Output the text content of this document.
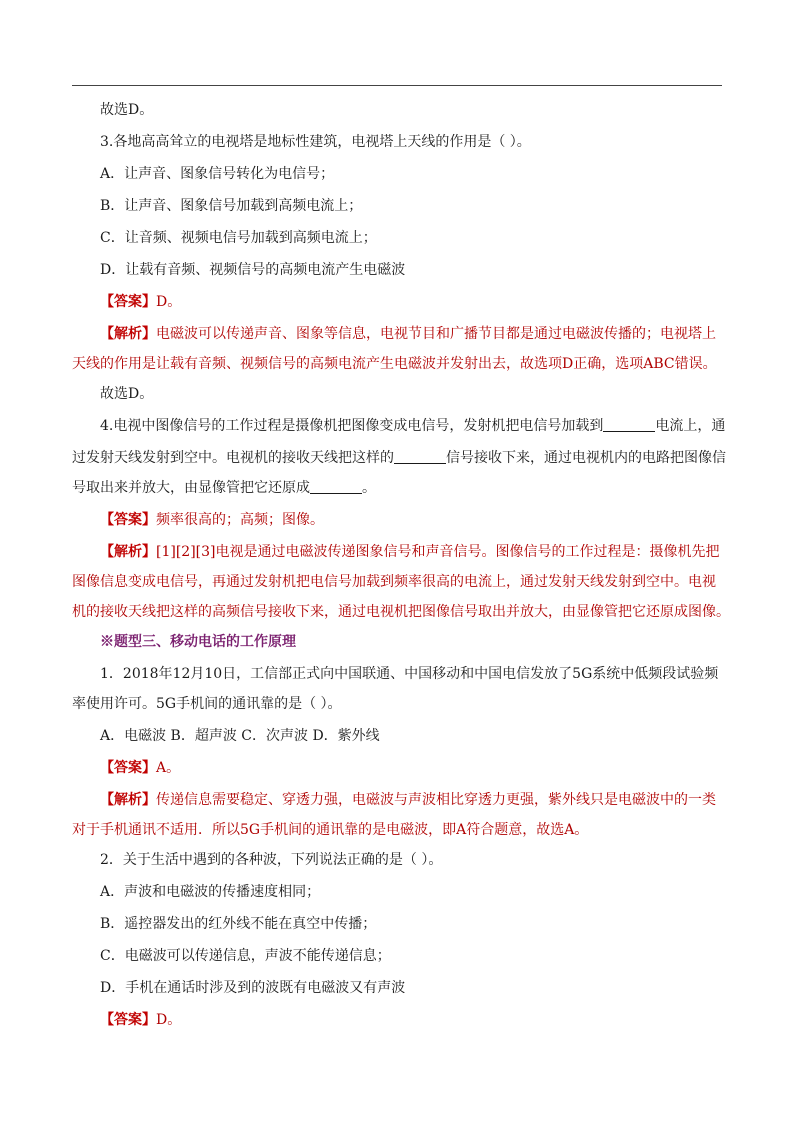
故选D。
3.各地高高耸立的电视塔是地标性建筑，电视塔上天线的作用是（ ）。
A．让声音、图象信号转化为电信号；
B．让声音、图象信号加载到高频电流上；
C．让音频、视频电信号加载到高频电流上；
D．让载有音频、视频信号的高频电流产生电磁波
【答案】D。
【解析】电磁波可以传递声音、图象等信息，电视节目和广播节目都是通过电磁波传播的；电视塔上
天线的作用是让载有音频、视频信号的高频电流产生电磁波并发射出去，故选项D正确，选项ABC错误。
故选D。
4.电视中图像信号的工作过程是摄像机把图像变成电信号，发射机把电信号加载到	电流上，通
过发射天线发射到空中。电视机的接收天线把这样的	信号接收下来，通过电视机内的电路把图像信
号取出来并放大，由显像管把它还原成	。
【答案】频率很高的；高频；图像。
【解析】[1][2][3]电视是通过电磁波传递图象信号和声音信号。图像信号的工作过程是：摄像机先把
图像信息变成电信号，再通过发射机把电信号加载到频率很高的电流上，通过发射天线发射到空中。电视
机的接收天线把这样的高频信号接收下来，通过电视机把图像信号取出并放大，由显像管把它还原成图像。
※题型三、移动电话的工作原理
1．2018年12月10日，工信部正式向中国联通、中国移动和中国电信发放了5G系统中低频段试验频
率使用许可。5G手机间的通讯靠的是（ ）。
A．电磁波 B．超声波 C．次声波 D．紫外线
【答案】A。
【解析】传递信息需要稳定、穿透力强，电磁波与声波相比穿透力更强，紫外线只是电磁波中的一类
对于手机通讯不适用．所以5G手机间的通讯靠的是电磁波，即A符合题意，故选A。
2．关于生活中遇到的各种波，下列说法正确的是（ ）。
A．声波和电磁波的传播速度相同；
B．遥控器发出的红外线不能在真空中传播；
C．电磁波可以传递信息，声波不能传递信息；
D．手机在通话时涉及到的波既有电磁波又有声波
【答案】D。
